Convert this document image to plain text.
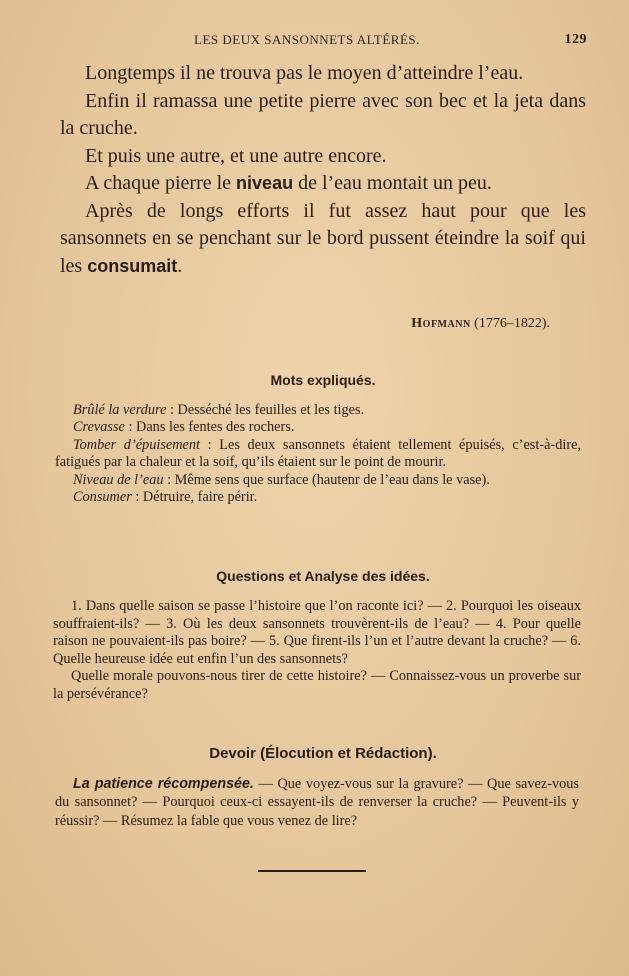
LES DEUX SANSONNETS ALTÉRÉS.	129

Longtemps il ne trouva pas le moyen d’atteindre l’eau.

Enfin il ramassa une petite pierre avec son bec et la jeta dans la cruche.

Et puis une autre, et une autre encore.

A chaque pierre le niveau de l’eau montait un peu.

Après de longs efforts il fut assez haut pour que les sansonnets en se penchant sur le bord pussent éteindre la soif qui les consumait.

Hofmann (1776–1822).
Mots expliqués.

Brûlé la verdure : Desséché les feuilles et les tiges.

Crevasse : Dans les fentes des rochers.

Tomber d’épuisement : Les deux sansonnets étaient tellement épuisés, c’est-à-dire, fatigués par la chaleur et la soif, qu’ils étaient sur le point de mourir.

Niveau de l’eau : Même sens que surface (hautenr de l’eau dans le vase).

Consumer : Détruire, faire périr.

Questions et Analyse des idées.

1. Dans quelle saison se passe l’histoire que l’on raconte ici? — 2. Pourquoi les oiseaux souffraient-ils? — 3. Où les deux sansonnets trouvèrent-ils de l’eau? — 4. Pour quelle raison ne pouvaient-ils pas boire? — 5. Que firent-ils l’un et l’autre devant la cruche? — 6. Quelle heureuse idée eut enfin l’un des sansonnets?

Quelle morale pouvons-nous tirer de cette histoire? — Connaissez-vous un proverbe sur la persévérance?

Devoir (Élocution et Rédaction).

La patience récompensée. — Que voyez-vous sur la gravure? — Que savez-vous du sansonnet? — Pourquoi ceux-ci essayent-ils de renverser la cruche? — Peuvent-ils y réussir? — Résumez la fable que vous venez de lire?
